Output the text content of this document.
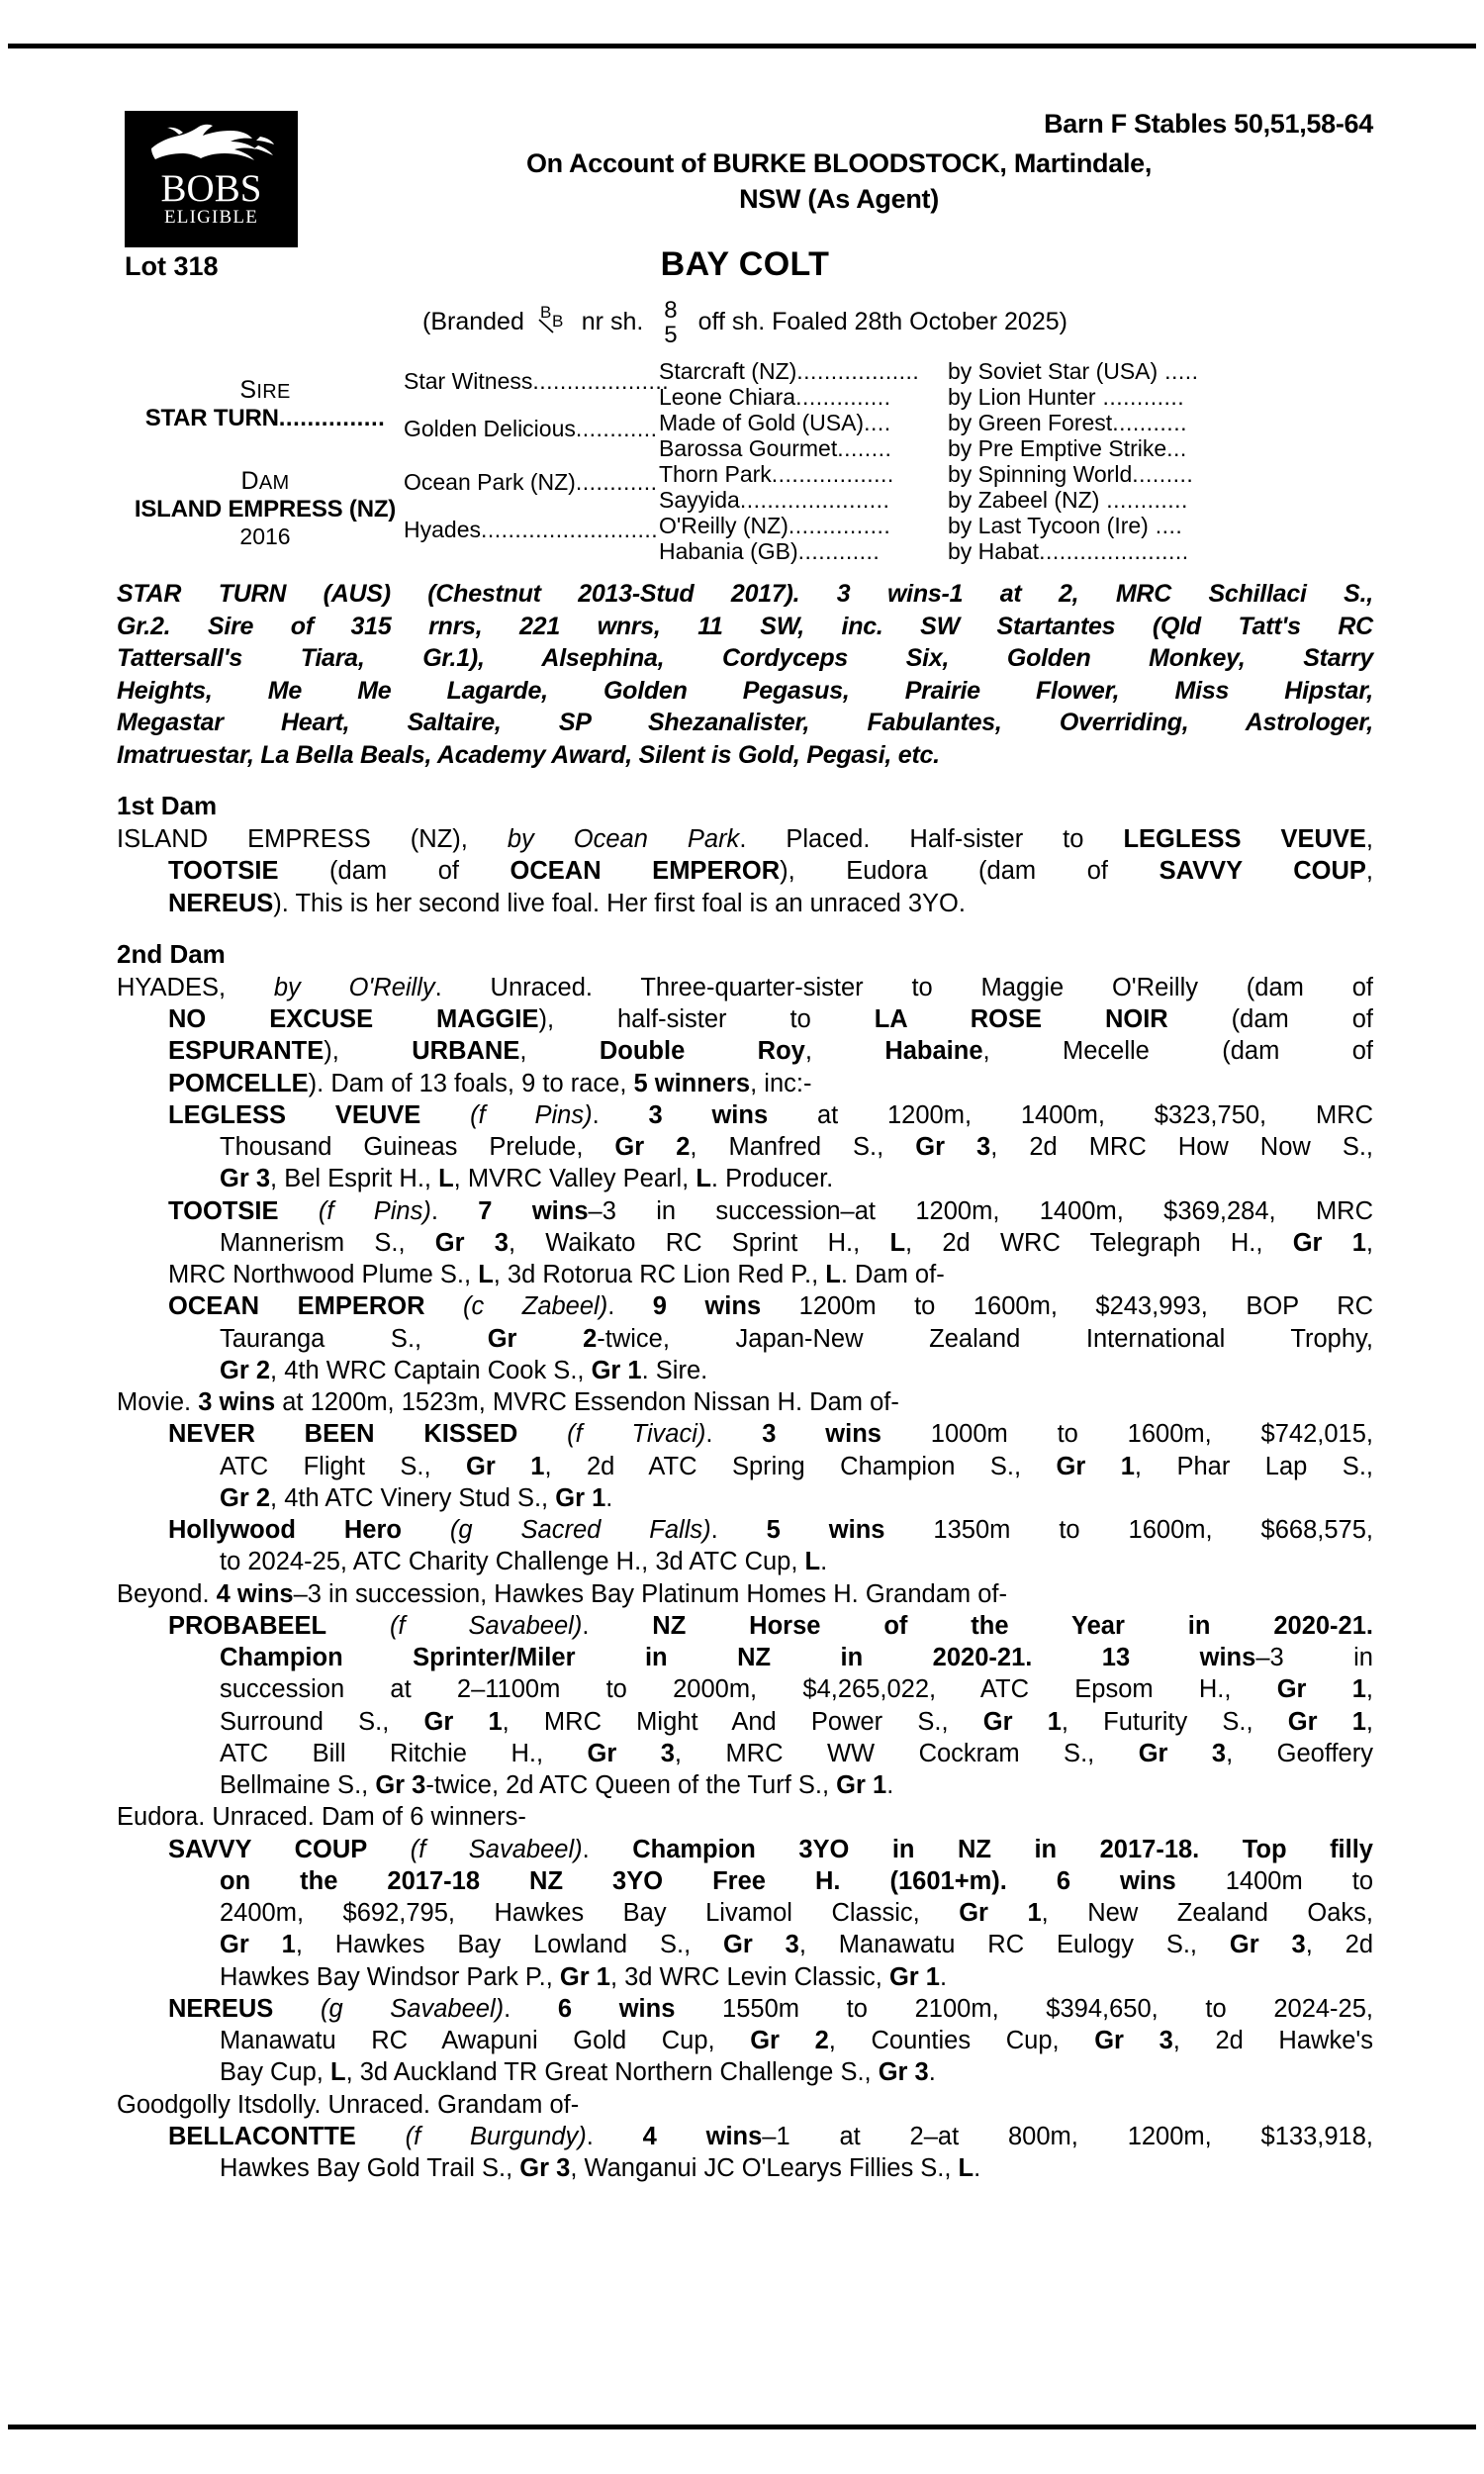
BOBS
ELIGIBLE
Barn F Stables 50,51,58-64
On Account of BURKE BLOODSTOCK, Martindale,
NSW (As Agent)
Lot 318	BAY COLT
(Branded B B nr sh. 8
5 off sh. Foaled 28th October 2025)
SIRE
STAR TURN...............
DAM
ISLAND EMPRESS (NZ)
2016
Star Witness....................
Golden Delicious............
Ocean Park (NZ)............
Hyades..........................
Starcraft (NZ)..................
Leone Chiara..............
Made of Gold (USA)....
Barossa Gourmet........
Thorn Park..................
Sayyida......................
O'Reilly (NZ)...............
Habania (GB)............
by Soviet Star (USA) .....
by Lion Hunter ............
by Green Forest...........
by Pre Emptive Strike...
by Spinning World.........
by Zabeel (NZ) ............
by Last Tycoon (Ire) ....
by Habat......................
STAR TURN (AUS) (Chestnut 2013-Stud 2017). 3 wins-1 at 2, MRC Schillaci S.,
Gr.2. Sire of 315 rnrs, 221 wnrs, 11 SW, inc. SW Startantes (Qld Tatt's RC
Tattersall's Tiara, Gr.1), Alsephina, Cordyceps Six, Golden Monkey, Starry
Heights, Me Me Lagarde, Golden Pegasus, Prairie Flower, Miss Hipstar,
Megastar Heart, Saltaire, SP Shezanalister, Fabulantes, Overriding, Astrologer,
Imatruestar, La Bella Beals, Academy Award, Silent is Gold, Pegasi, etc.
1st Dam
ISLAND EMPRESS (NZ), by Ocean Park. Placed. Half-sister to LEGLESS VEUVE,
TOOTSIE (dam of OCEAN EMPEROR), Eudora (dam of SAVVY COUP,
NEREUS). This is her second live foal. Her first foal is an unraced 3YO.
2nd Dam
HYADES, by O'Reilly. Unraced. Three-quarter-sister to Maggie O'Reilly (dam of
NO EXCUSE MAGGIE), half-sister to LA ROSE NOIR (dam of
ESPURANTE), URBANE, Double Roy, Habaine, Mecelle (dam of
POMCELLE). Dam of 13 foals, 9 to race, 5 winners, inc:-
LEGLESS VEUVE (f Pins). 3 wins at 1200m, 1400m, $323,750, MRC
Thousand Guineas Prelude, Gr 2, Manfred S., Gr 3, 2d MRC How Now S.,
Gr 3, Bel Esprit H., L, MVRC Valley Pearl, L. Producer.
TOOTSIE (f Pins). 7 wins–3 in succession–at 1200m, 1400m, $369,284, MRC
Mannerism S., Gr 3, Waikato RC Sprint H., L, 2d WRC Telegraph H., Gr 1,
MRC Northwood Plume S., L, 3d Rotorua RC Lion Red P., L. Dam of-
OCEAN EMPEROR (c Zabeel). 9 wins 1200m to 1600m, $243,993, BOP RC
Tauranga S., Gr 2-twice, Japan-New Zealand International Trophy,
Gr 2, 4th WRC Captain Cook S., Gr 1. Sire.
Movie. 3 wins at 1200m, 1523m, MVRC Essendon Nissan H. Dam of-
NEVER BEEN KISSED (f Tivaci). 3 wins 1000m to 1600m, $742,015,
ATC Flight S., Gr 1, 2d ATC Spring Champion S., Gr 1, Phar Lap S.,
Gr 2, 4th ATC Vinery Stud S., Gr 1.
Hollywood Hero (g Sacred Falls). 5 wins 1350m to 1600m, $668,575,
to 2024-25, ATC Charity Challenge H., 3d ATC Cup, L.
Beyond. 4 wins–3 in succession, Hawkes Bay Platinum Homes H. Grandam of-
PROBABEEL	(f Savabeel). NZ Horse of the Year in 2020-21.
Champion Sprinter/Miler in NZ in 2020-21. 13 wins–3 in
succession at 2–1100m to 2000m, $4,265,022, ATC Epsom H., Gr 1,
Surround S., Gr 1, MRC Might And Power S., Gr 1, Futurity S., Gr 1,
ATC Bill Ritchie H., Gr 3, MRC WW Cockram S., Gr 3, Geoffery
Bellmaine S., Gr 3-twice, 2d ATC Queen of the Turf S., Gr 1.
Eudora. Unraced. Dam of 6 winners-
SAVVY COUP (f Savabeel). Champion 3YO in NZ in 2017-18. Top filly
on the 2017-18 NZ 3YO Free H. (1601+m). 6 wins 1400m to
2400m, $692,795, Hawkes Bay Livamol Classic, Gr 1, New Zealand Oaks,
Gr 1, Hawkes Bay Lowland S., Gr 3, Manawatu RC Eulogy S., Gr 3, 2d
Hawkes Bay Windsor Park P., Gr 1, 3d WRC Levin Classic, Gr 1.
NEREUS (g Savabeel). 6 wins 1550m to 2100m, $394,650, to 2024-25,
Manawatu RC Awapuni Gold Cup, Gr 2, Counties Cup, Gr 3, 2d Hawke's
Bay Cup, L, 3d Auckland TR Great Northern Challenge S., Gr 3.
Goodgolly Itsdolly. Unraced. Grandam of-
BELLACONTTE (f Burgundy). 4 wins–1 at 2–at 800m, 1200m, $133,918,
Hawkes Bay Gold Trail S., Gr 3, Wanganui JC O'Learys Fillies S., L.
